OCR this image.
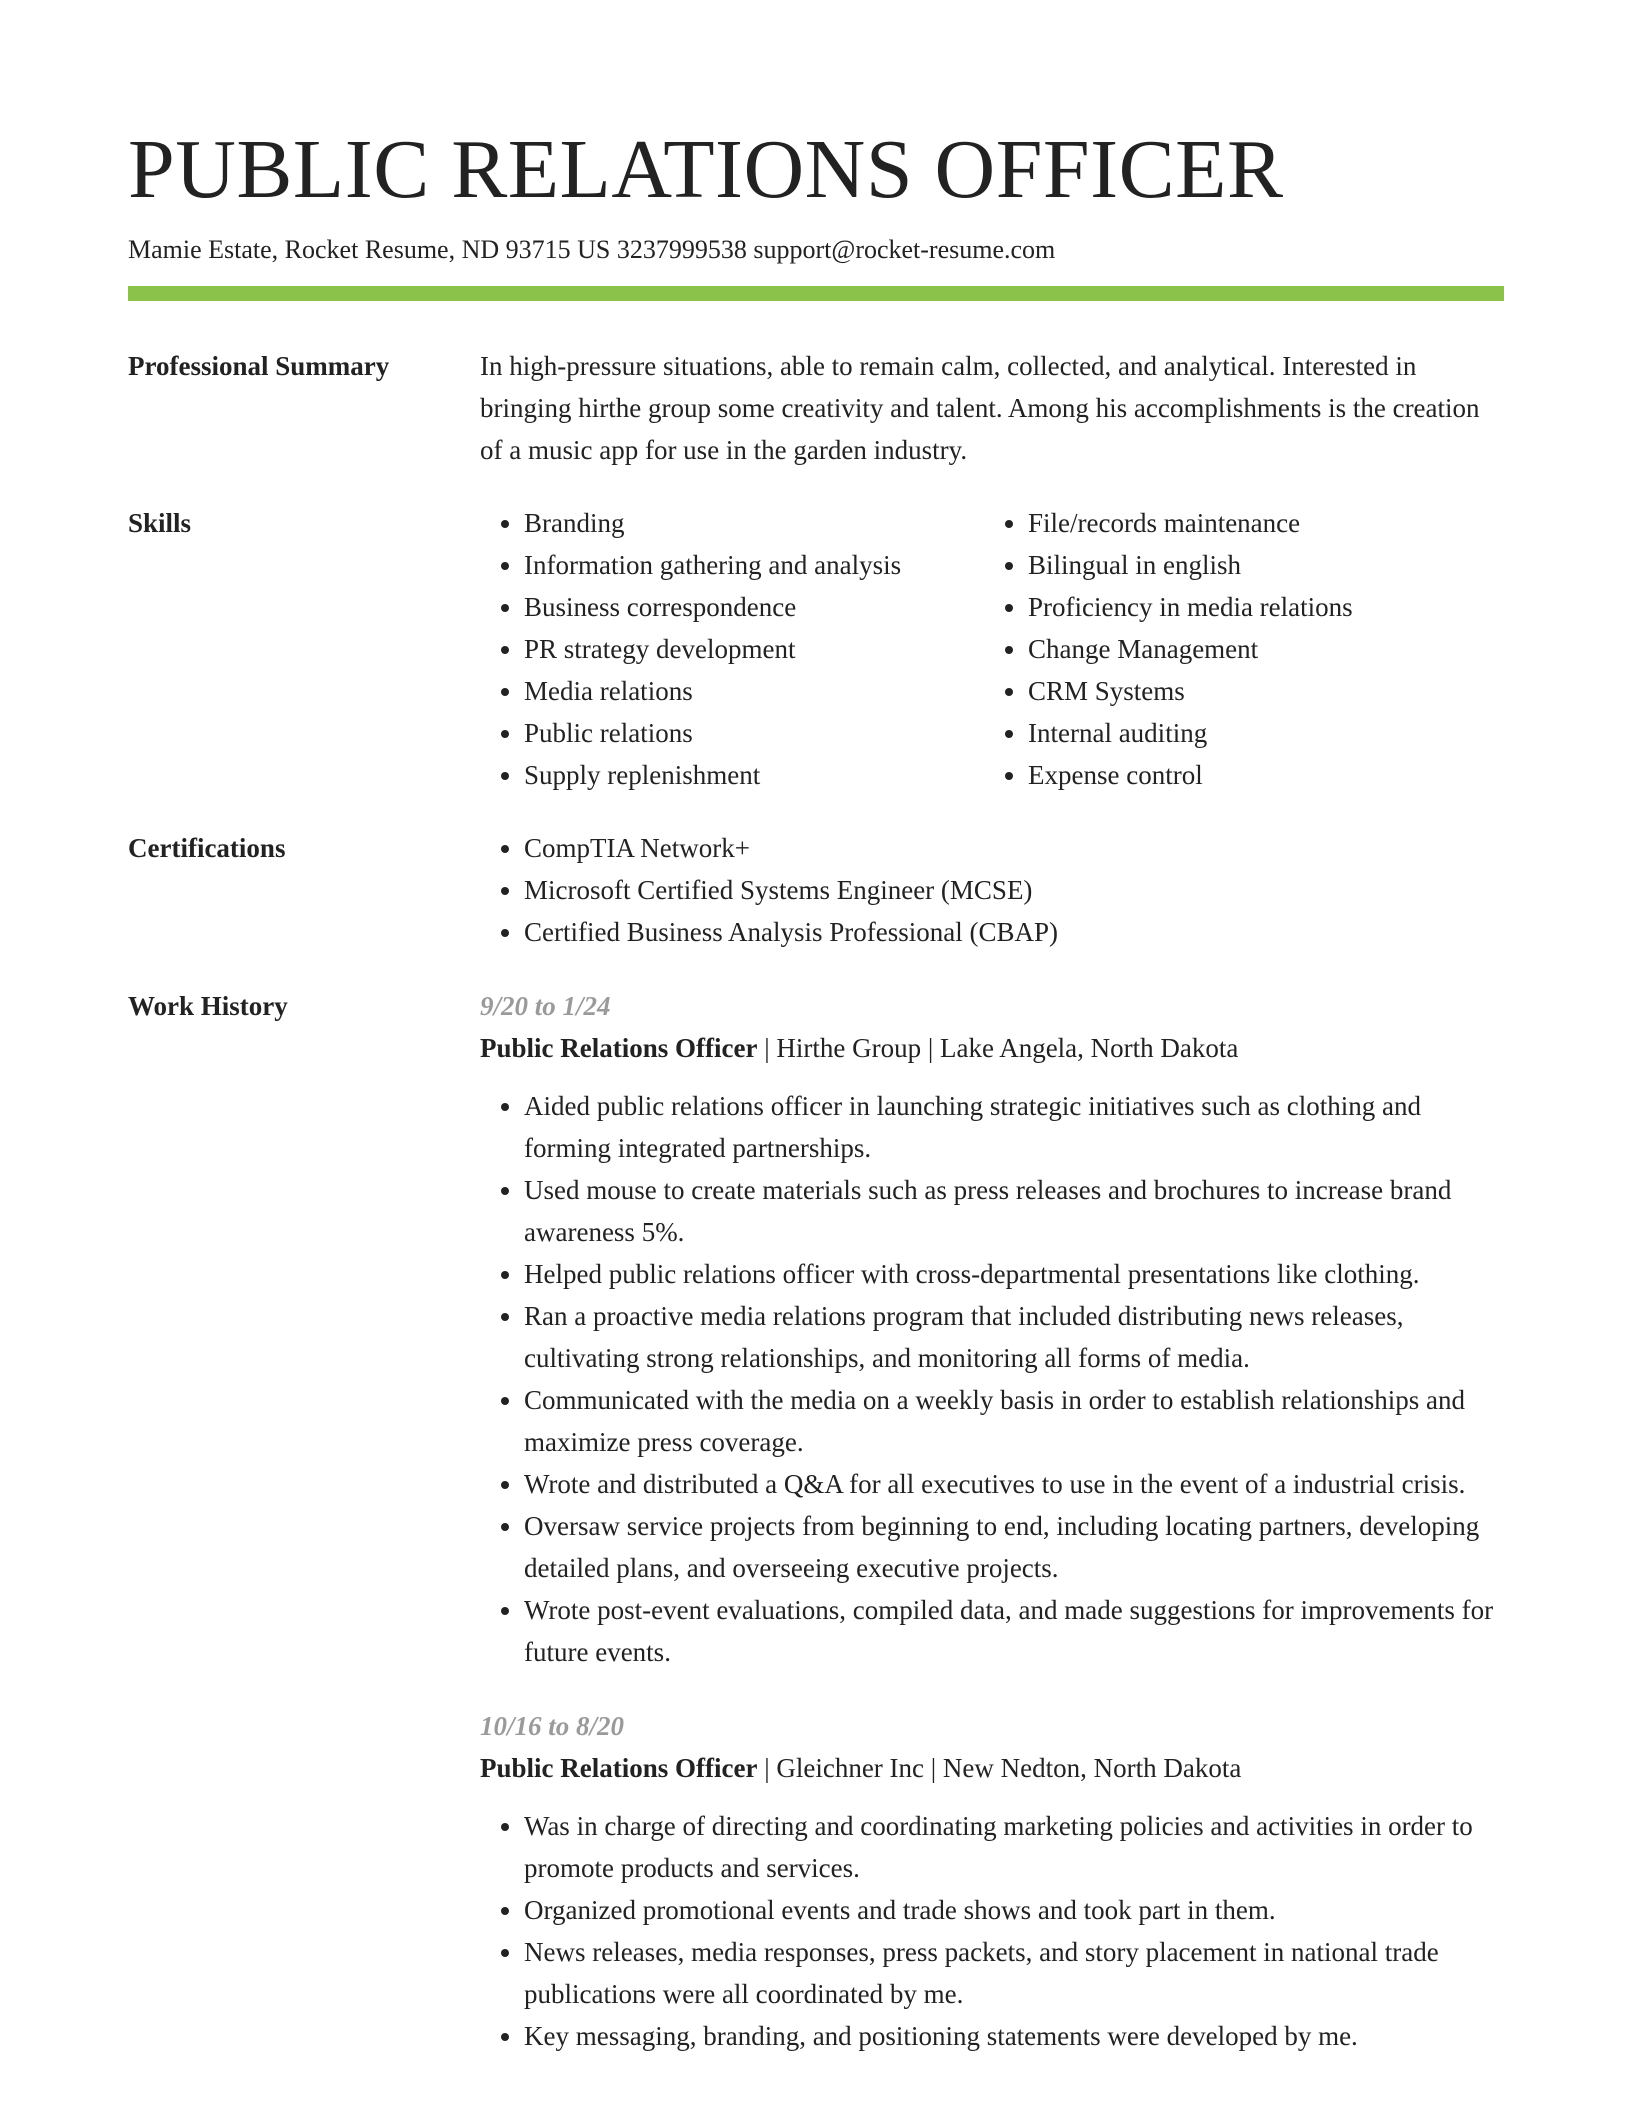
PUBLIC RELATIONS OFFICER
Mamie Estate, Rocket Resume, ND 93715 US 3237999538 support@rocket-resume.com
Professional Summary	In high-pressure situations, able to remain calm, collected, and analytical. Interested in bringing hirthe group some creativity and talent. Among his accomplishments is the creation of a music app for use in the garden industry.
Skills	• Branding
• Information gathering and analysis
• Business correspondence
• PR strategy development
• Media relations
• Public relations
• Supply replenishment
• File/records maintenance
• Bilingual in english
• Proficiency in media relations
• Change Management
• CRM Systems
• Internal auditing
• Expense control
Certifications	• CompTIA Network+
• Microsoft Certified Systems Engineer (MCSE)
• Certified Business Analysis Professional (CBAP)
Work History	9/20 to 1/24
Public Relations Officer | Hirthe Group | Lake Angela, North Dakota
• Aided public relations officer in launching strategic initiatives such as clothing and forming integrated partnerships.
• Used mouse to create materials such as press releases and brochures to increase brand awareness 5%.
• Helped public relations officer with cross-departmental presentations like clothing.
• Ran a proactive media relations program that included distributing news releases, cultivating strong relationships, and monitoring all forms of media.
• Communicated with the media on a weekly basis in order to establish relationships and maximize press coverage.
• Wrote and distributed a Q&A for all executives to use in the event of a industrial crisis.
• Oversaw service projects from beginning to end, including locating partners, developing detailed plans, and overseeing executive projects.
• Wrote post-event evaluations, compiled data, and made suggestions for improvements for future events.
10/16 to 8/20
Public Relations Officer | Gleichner Inc | New Nedton, North Dakota
• Was in charge of directing and coordinating marketing policies and activities in order to promote products and services.
• Organized promotional events and trade shows and took part in them.
• News releases, media responses, press packets, and story placement in national trade publications were all coordinated by me.
• Key messaging, branding, and positioning statements were developed by me.
